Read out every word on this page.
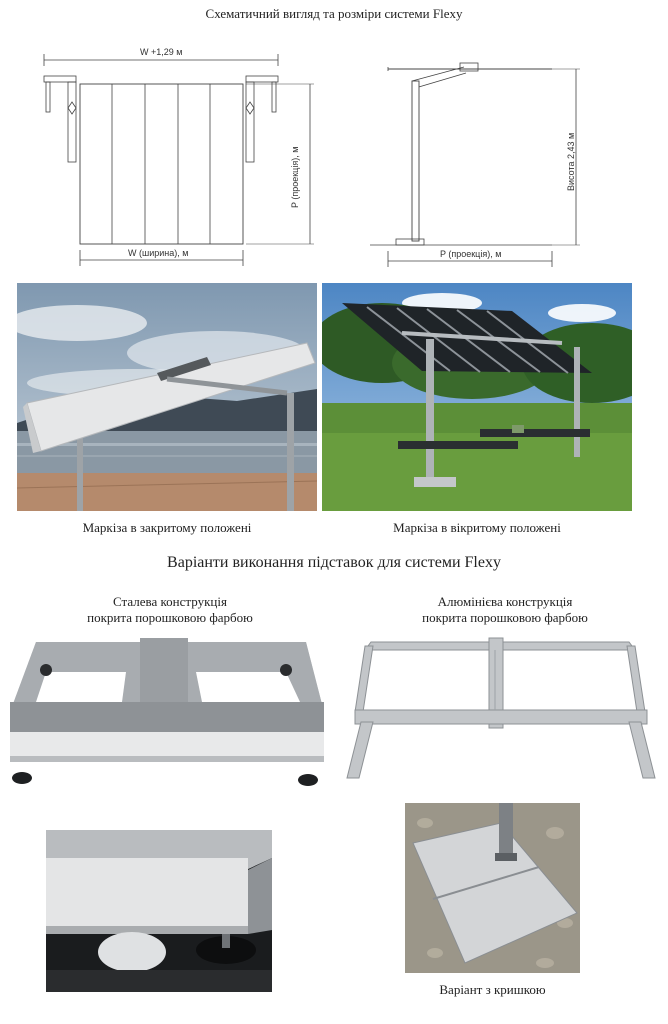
Схематичний вигляд та розміри системи Flexy
W +1,29 м
W (ширина), м
P (проекція), м	Висота 2,43 м
P (проекція), м
Маркіза в закритому положені	Маркіза в вікритому положені
Варіанти виконання підставок для системи Flexy
Сталева конструкція
покрита порошковою фарбою
Алюмінієва конструкція
покрита порошковою фарбою
Варіант з кришкою
